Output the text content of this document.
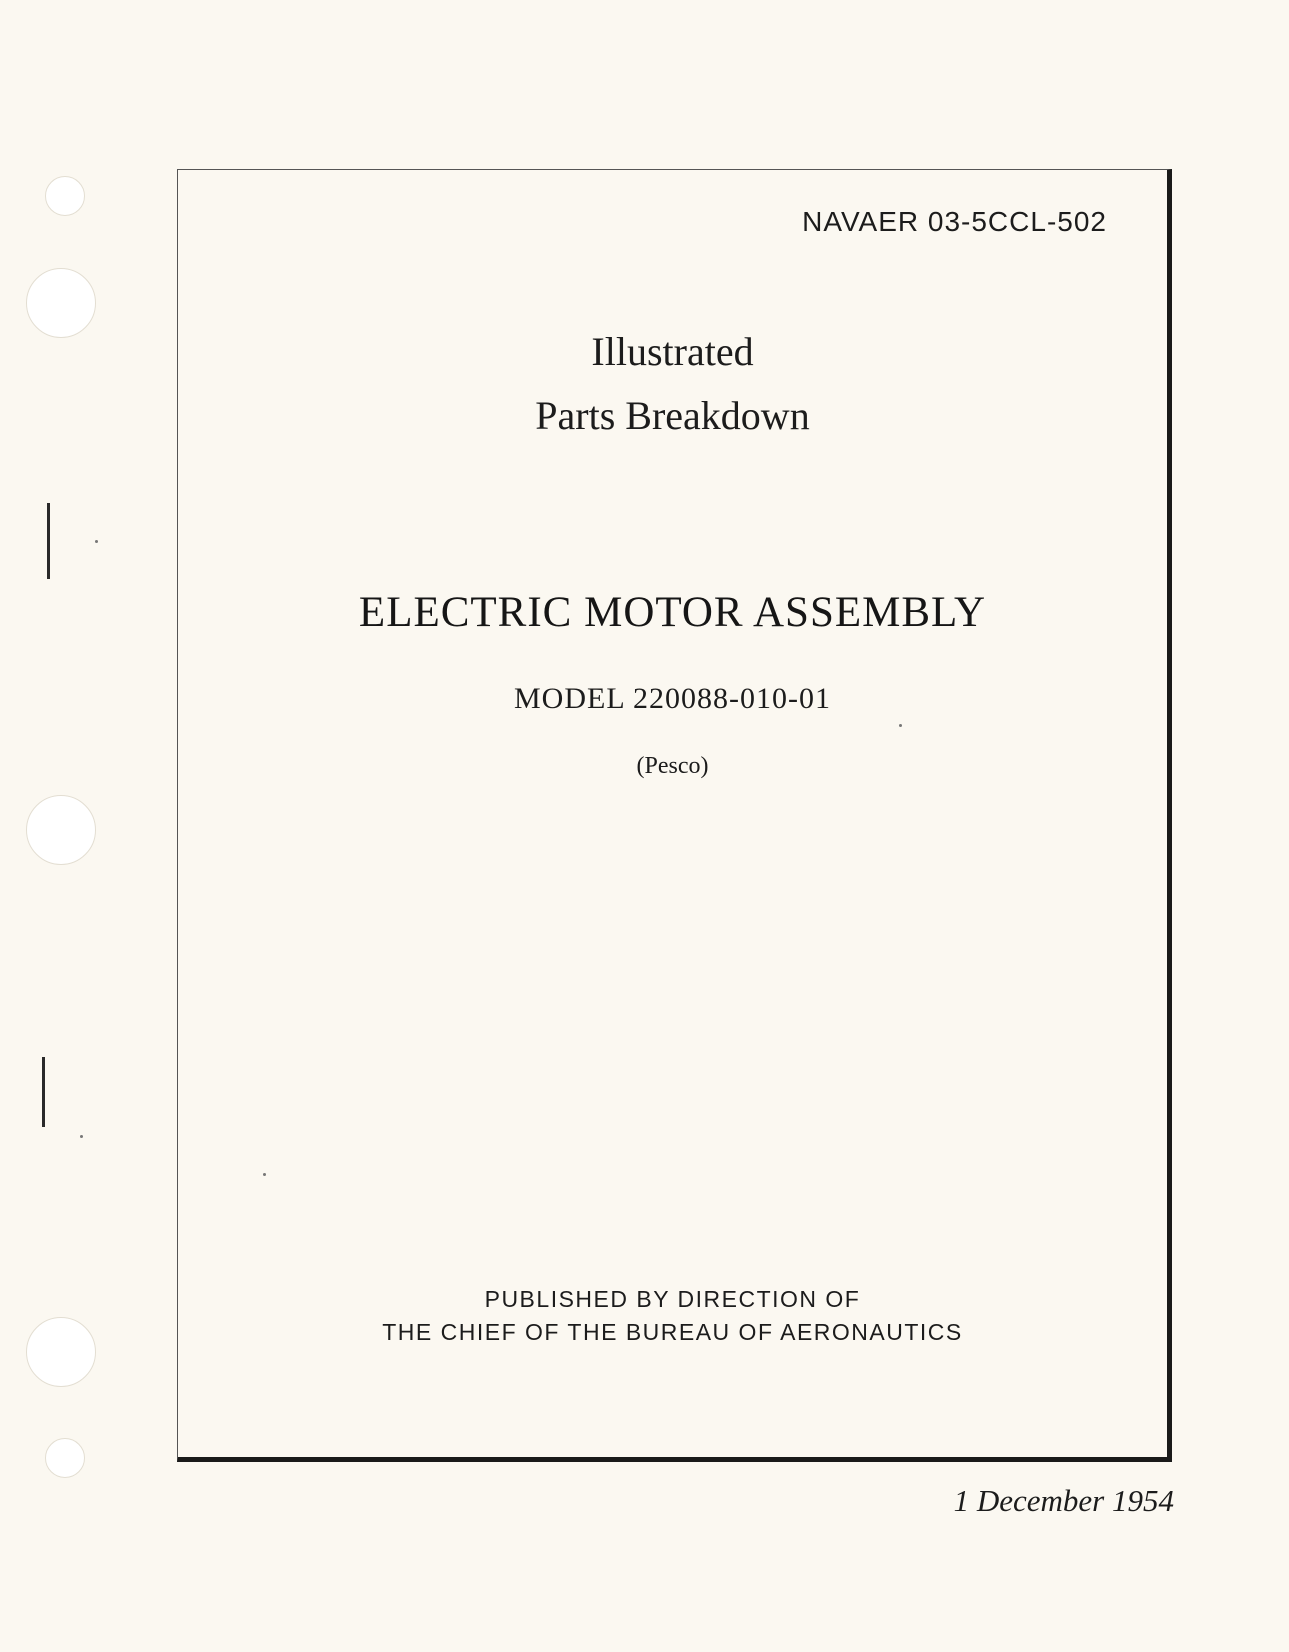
NAVAER 03-5CCL-502
Illustrated
Parts Breakdown
ELECTRIC MOTOR ASSEMBLY
MODEL 220088-010-01
(Pesco)
PUBLISHED BY DIRECTION OF
THE CHIEF OF THE BUREAU OF AERONAUTICS
1 December 1954
